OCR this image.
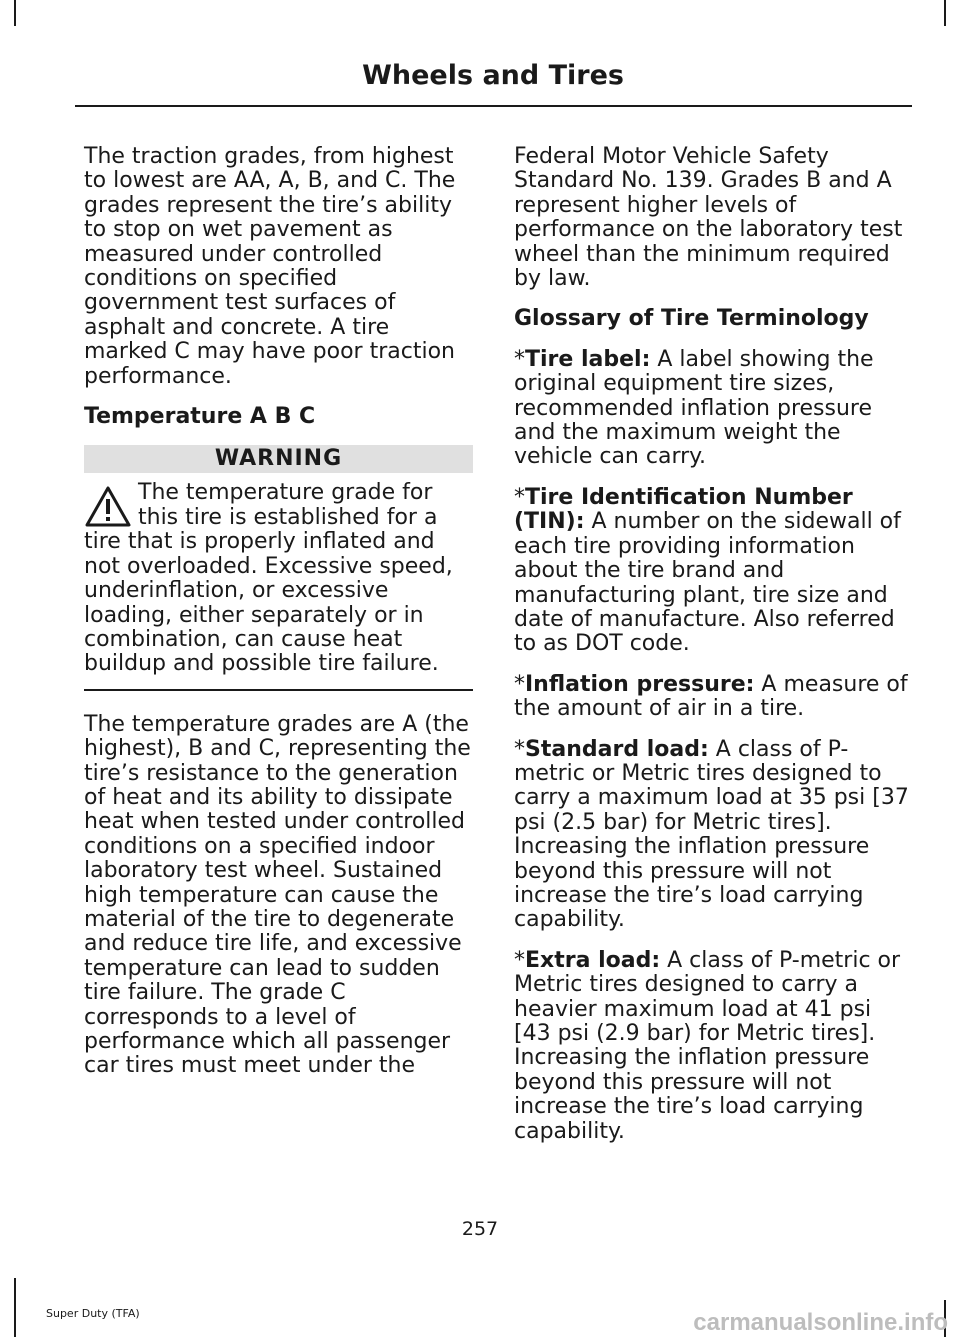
Wheels and Tires

The traction grades, from highest to lowest are AA, A, B, and C. The grades represent the tire’s ability to stop on wet pavement as measured under controlled conditions on specified government test surfaces of asphalt and concrete. A tire marked C may have poor traction performance.

Temperature A B C
WARNING
The temperature grade for this tire is established for a tire that is properly inflated and not overloaded. Excessive speed, underinflation, or excessive loading, either separately or in combination, can cause heat buildup and possible tire failure.

The temperature grades are A (the highest), B and C, representing the tire’s resistance to the generation of heat and its ability to dissipate heat when tested under controlled conditions on a specified indoor laboratory test wheel. Sustained high temperature can cause the material of the tire to degenerate and reduce tire life, and excessive temperature can lead to sudden tire failure. The grade C corresponds to a level of performance which all passenger car tires must meet under the

Federal Motor Vehicle Safety Standard No. 139. Grades B and A represent higher levels of performance on the laboratory test wheel than the minimum required by law.

Glossary of Tire Terminology

*Tire label: A label showing the original equipment tire sizes, recommended inflation pressure and the maximum weight the vehicle can carry.

*Tire Identification Number (TIN): A number on the sidewall of each tire providing information about the tire brand and manufacturing plant, tire size and date of manufacture. Also referred to as DOT code.

*Inflation pressure: A measure of the amount of air in a tire.

*Standard load: A class of P-metric or Metric tires designed to carry a maximum load at 35 psi [37 psi (2.5 bar) for Metric tires]. Increasing the inflation pressure beyond this pressure will not increase the tire’s load carrying capability.

*Extra load: A class of P-metric or Metric tires designed to carry a heavier maximum load at 41 psi [43 psi (2.9 bar) for Metric tires]. Increasing the inflation pressure beyond this pressure will not increase the tire’s load carrying capability.

257
Super Duty (TFA)	carmanualsonline.info
